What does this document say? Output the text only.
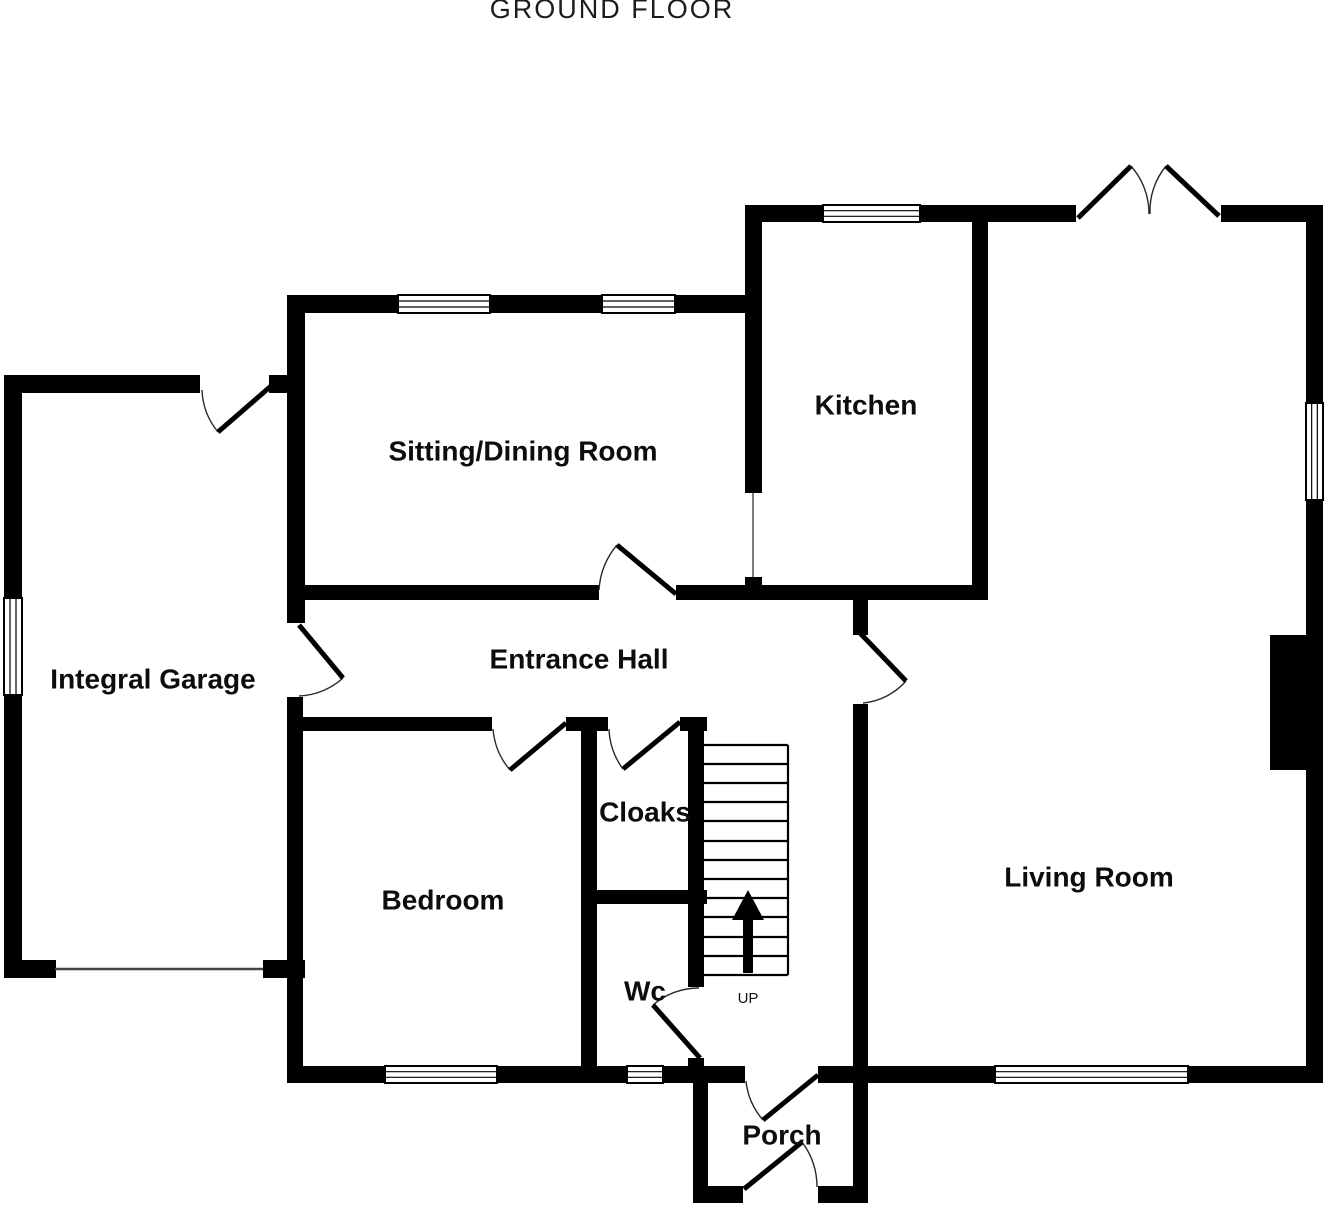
GROUND FLOOR
UP
Integral Garage
Sitting/Dining Room
Kitchen
Entrance Hall
Cloaks
Bedroom
Wc
Living Room
Porch
